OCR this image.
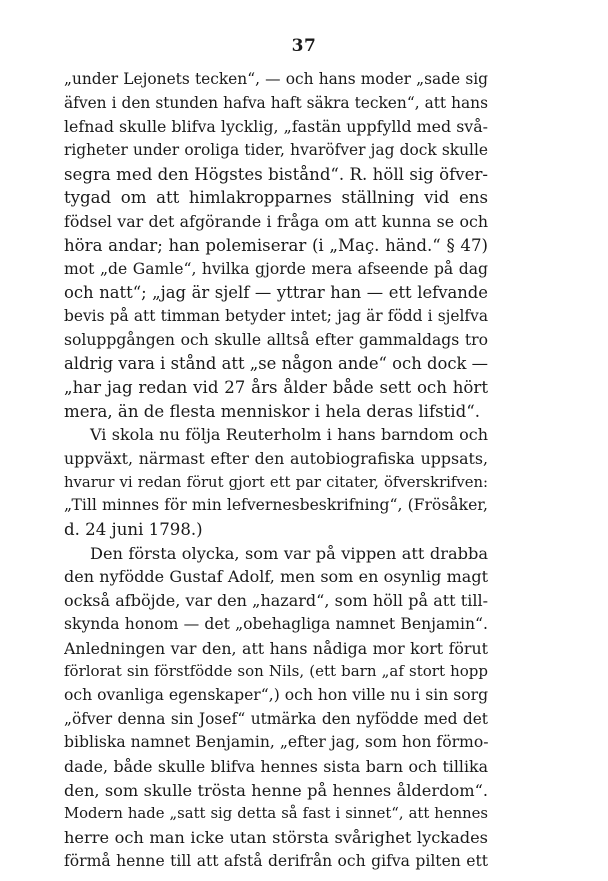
37
„under Lejonets tecken“, — och hans moder „sade sig
äfven i den stunden hafva haft säkra tecken“, att hans
lefnad skulle blifva lycklig, „fastän uppfylld med svå-
righeter under oroliga tider, hvaröfver jag dock skulle
segra med den Högstes bistånd“. R. höll sig öfver-
tygad om att himlakropparnes ställning vid ens
födsel var det afgörande i fråga om att kunna se och
höra andar; han polemiserar (i „Maç. händ.“ § 47)
mot „de Gamle“, hvilka gjorde mera afseende på dag
och natt“; „jag är sjelf — yttrar han — ett lefvande
bevis på att timman betyder intet; jag är född i sjelfva
soluppgången och skulle alltså efter gammaldags tro
aldrig vara i stånd att „se någon ande“ och dock —
„har jag redan vid 27 års ålder både sett och hört
mera, än de flesta menniskor i hela deras lifstid“.
Vi skola nu följa Reuterholm i hans barndom och
uppväxt, närmast efter den autobiografiska uppsats,
hvarur vi redan förut gjort ett par citater, öfverskrifven:
„Till minnes för min lefvernesbeskrifning“, (Frösåker,
d. 24 juni 1798.)
Den första olycka, som var på vippen att drabba
den nyfödde Gustaf Adolf, men som en osynlig magt
också afböjde, var den „hazard“, som höll på att till-
skynda honom — det „obehagliga namnet Benjamin“.
Anledningen var den, att hans nådiga mor kort förut
förlorat sin förstfödde son Nils, (ett barn „af stort hopp
och ovanliga egenskaper“,) och hon ville nu i sin sorg
„öfver denna sin Josef“ utmärka den nyfödde med det
bibliska namnet Benjamin, „efter jag, som hon förmo-
dade, både skulle blifva hennes sista barn och tillika
den, som skulle trösta henne på hennes ålderdom“.
Modern hade „satt sig detta så fast i sinnet“, att hennes
herre och man icke utan största svårighet lyckades
förmå henne till att afstå derifrån och gifva pilten ett
